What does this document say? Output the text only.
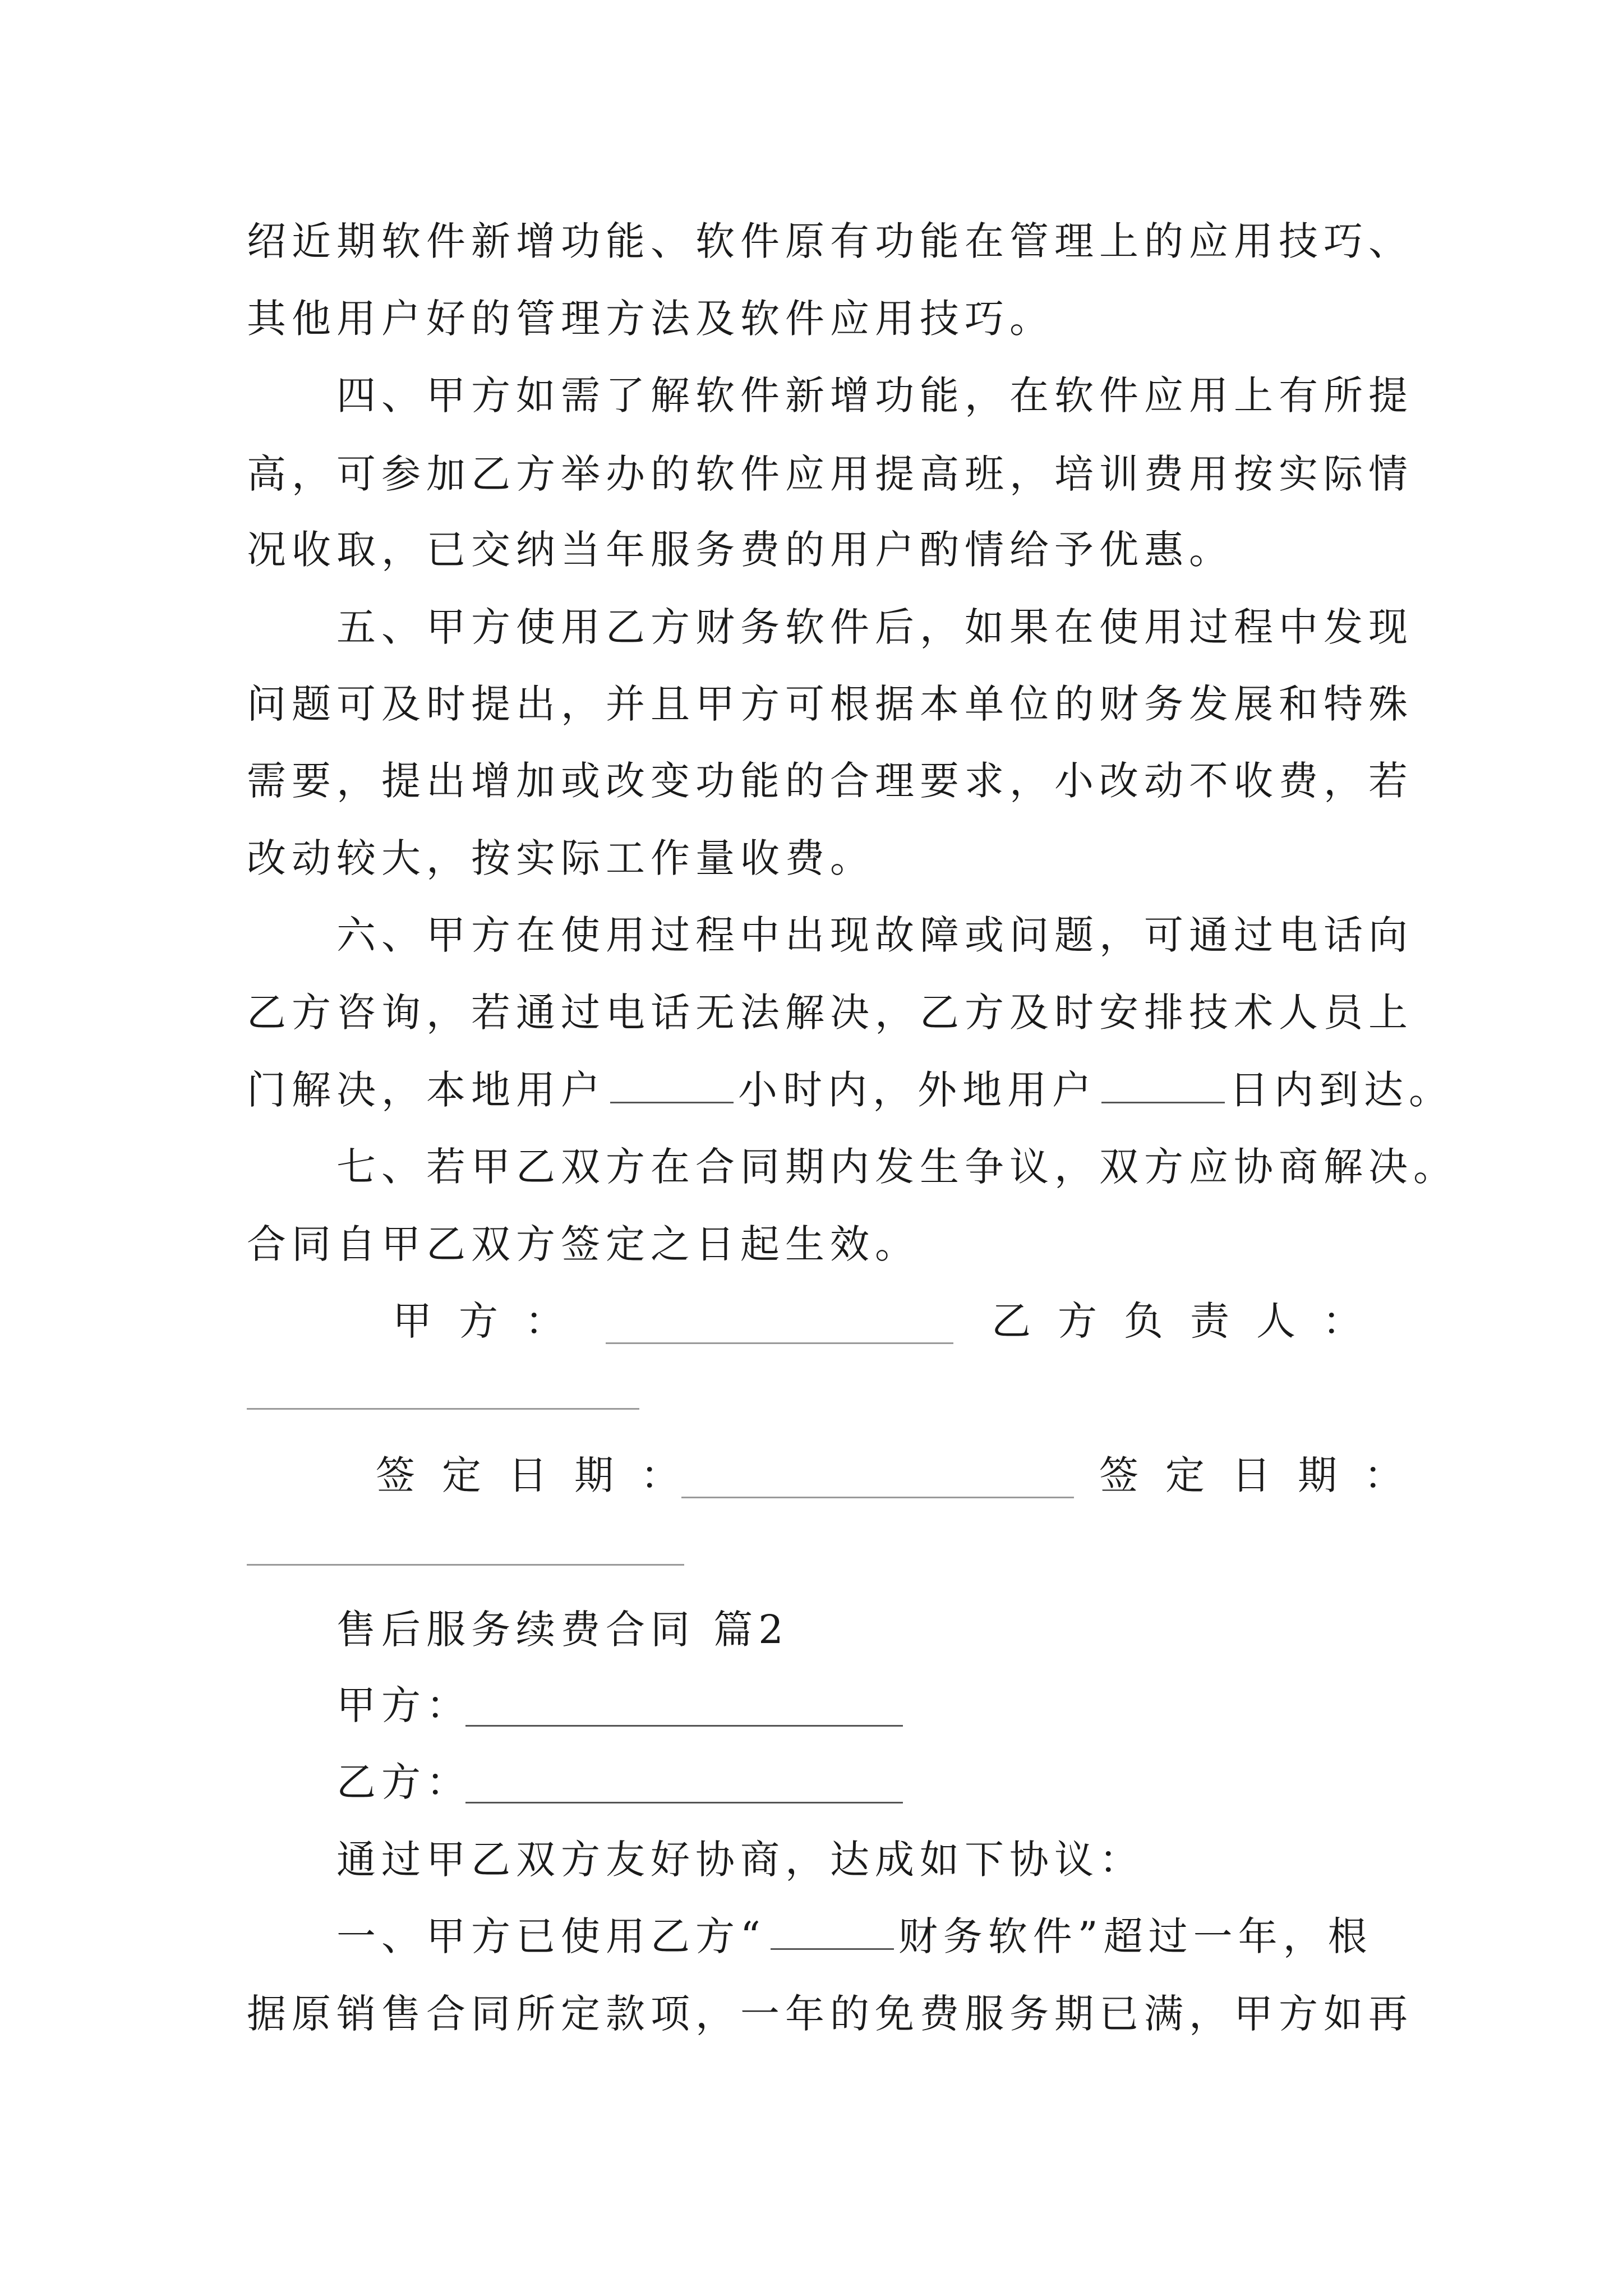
绍近期软件新增功能、软件原有功能在管理上的应用技巧、
其他用户好的管理方法及软件应用技巧。
四、甲方如需了解软件新增功能，在软件应用上有所提
高，可参加乙方举办的软件应用提高班，培训费用按实际情
况收取，已交纳当年服务费的用户酌情给予优惠。
五、甲方使用乙方财务软件后，如果在使用过程中发现
问题可及时提出，并且甲方可根据本单位的财务发展和特殊
需要，提出增加或改变功能的合理要求，小改动不收费，若
改动较大，按实际工作量收费。
六、甲方在使用过程中出现故障或问题，可通过电话向
乙方咨询，若通过电话无法解决，乙方及时安排技术人员上
门解决，本地用户	小时内，外地用户	日内到达。
七、若甲乙双方在合同期内发生争议，双方应协商解决。
合同自甲乙双方签定之日起生效。
甲方：	乙方负责人：
签定日期：	签定日期：
售后服务续费合同 篇2
甲方：
乙方：
通过甲乙双方友好协商，达成如下协议：
一、甲方已使用乙方“	财务软件”超过一年，根
据原销售合同所定款项，一年的免费服务期已满，甲方如再
